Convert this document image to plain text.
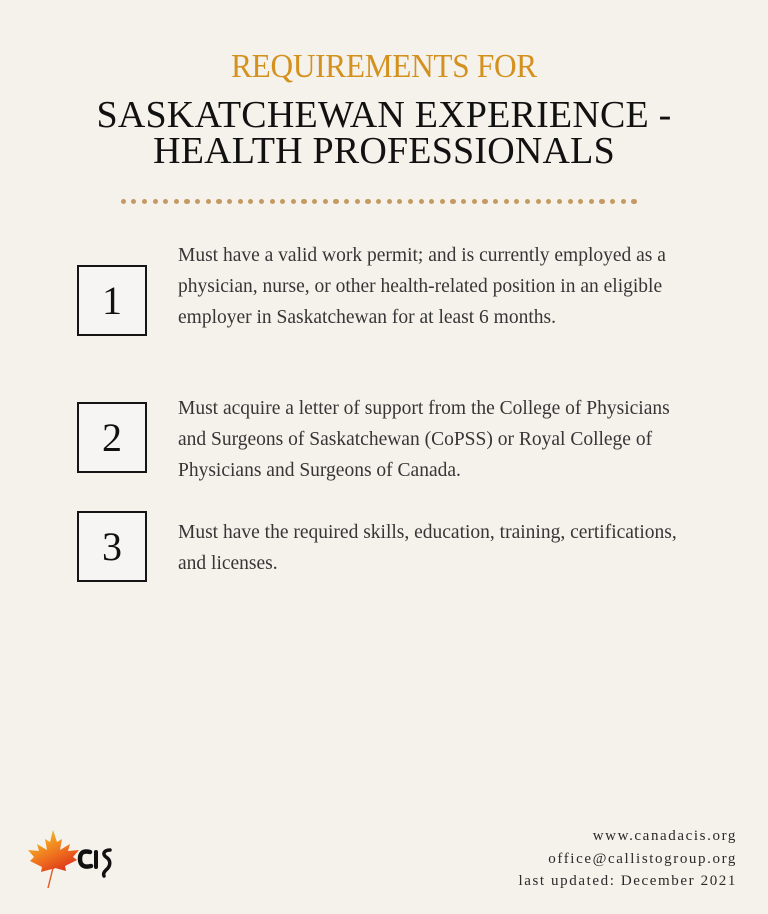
REQUIREMENTS FOR
SASKATCHEWAN EXPERIENCE -
HEALTH PROFESSIONALS
1
Must have a valid work permit; and is currently employed as a physician, nurse, or other health-related position in an eligible employer in Saskatchewan for at least 6 months.
2
Must acquire a letter of support from the College of Physicians and Surgeons of Saskatchewan (CoPSS) or Royal College of Physicians and Surgeons of Canada.
3	Must have the required skills, education, training, certifications, and licenses.
www.canadacis.org
office@callistogroup.org
last updated: December 2021
